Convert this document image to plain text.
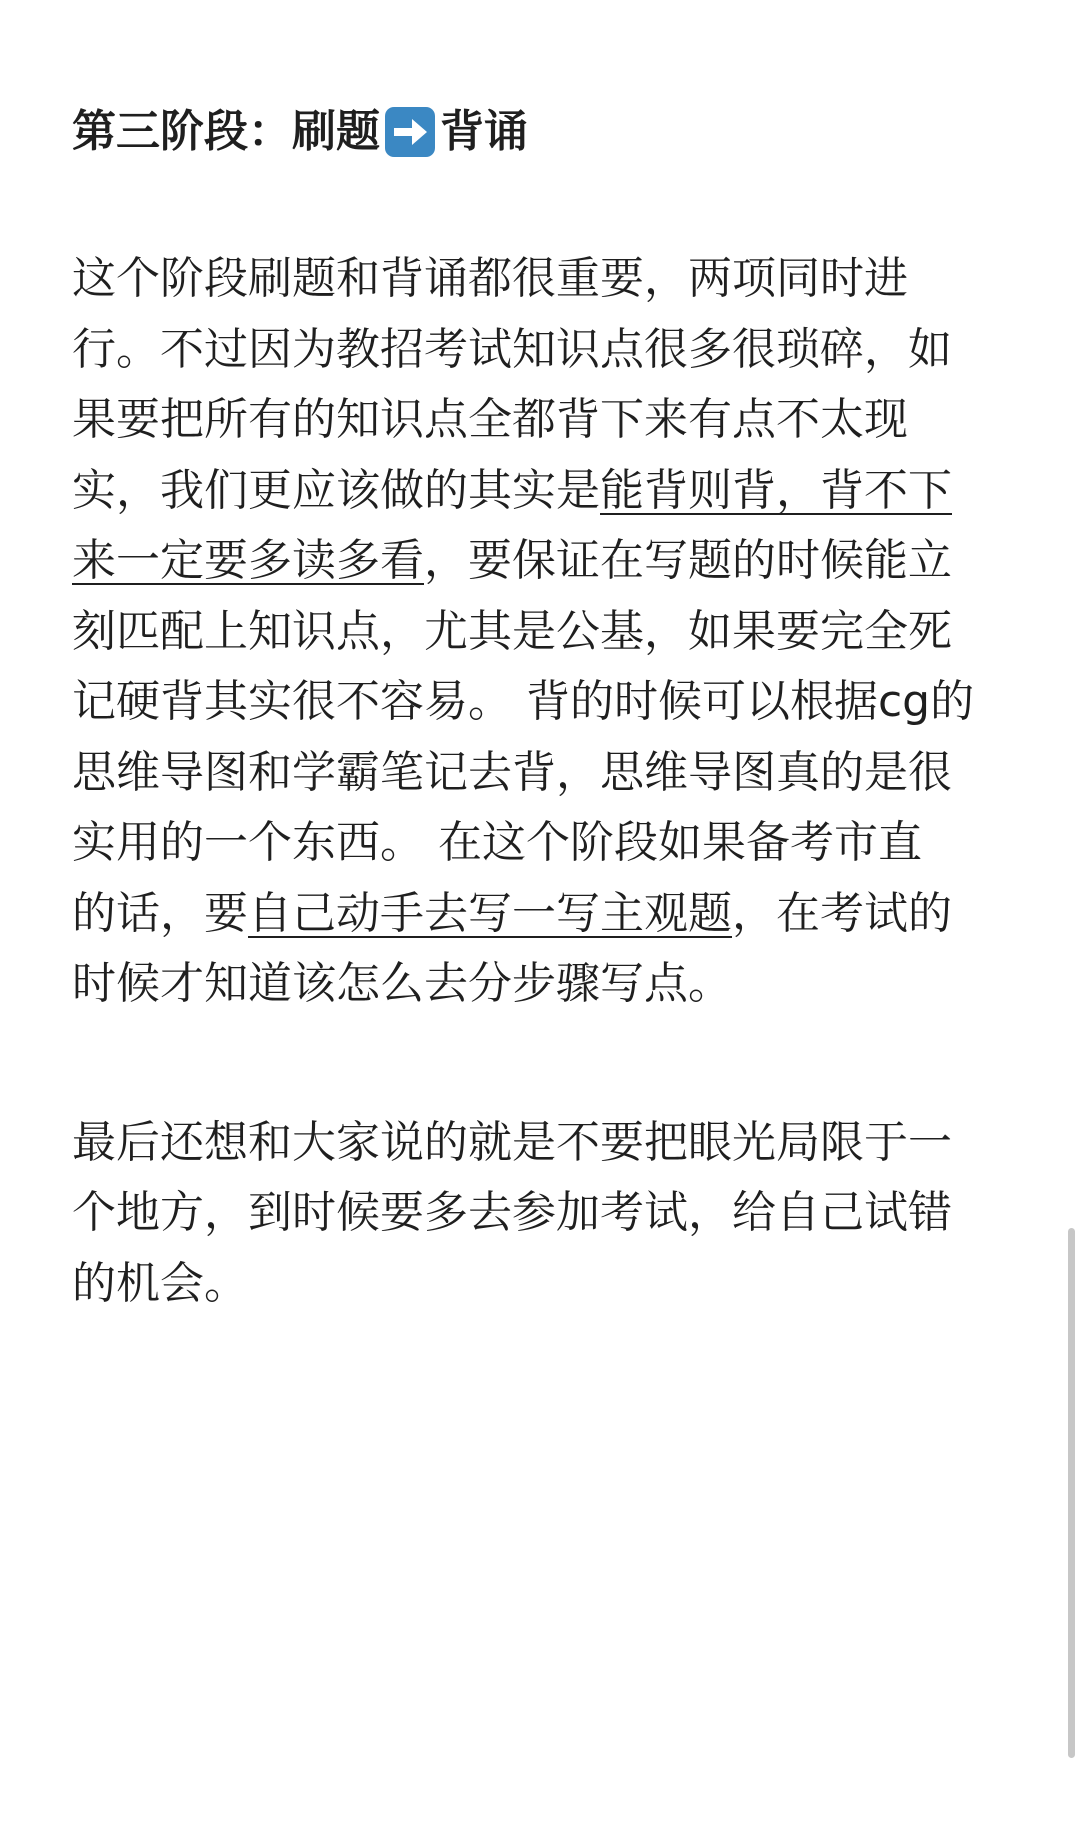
第三阶段：刷题 背诵

这个阶段刷题和背诵都很重要，两项同时进
行。不过因为教招考试知识点很多很琐碎，如
果要把所有的知识点全都背下来有点不太现
实，我们更应该做的其实是能背则背，背不下
来一定要多读多看，要保证在写题的时候能立
刻匹配上知识点，尤其是公基，如果要完全死
记硬背其实很不容易。 背的时候可以根据cg的
思维导图和学霸笔记去背，思维导图真的是很
实用的一个东西。 在这个阶段如果备考市直
的话，要自己动手去写一写主观题，在考试的
时候才知道该怎么去分步骤写点。

最后还想和大家说的就是不要把眼光局限于一
个地方，到时候要多去参加考试，给自己试错
的机会。
